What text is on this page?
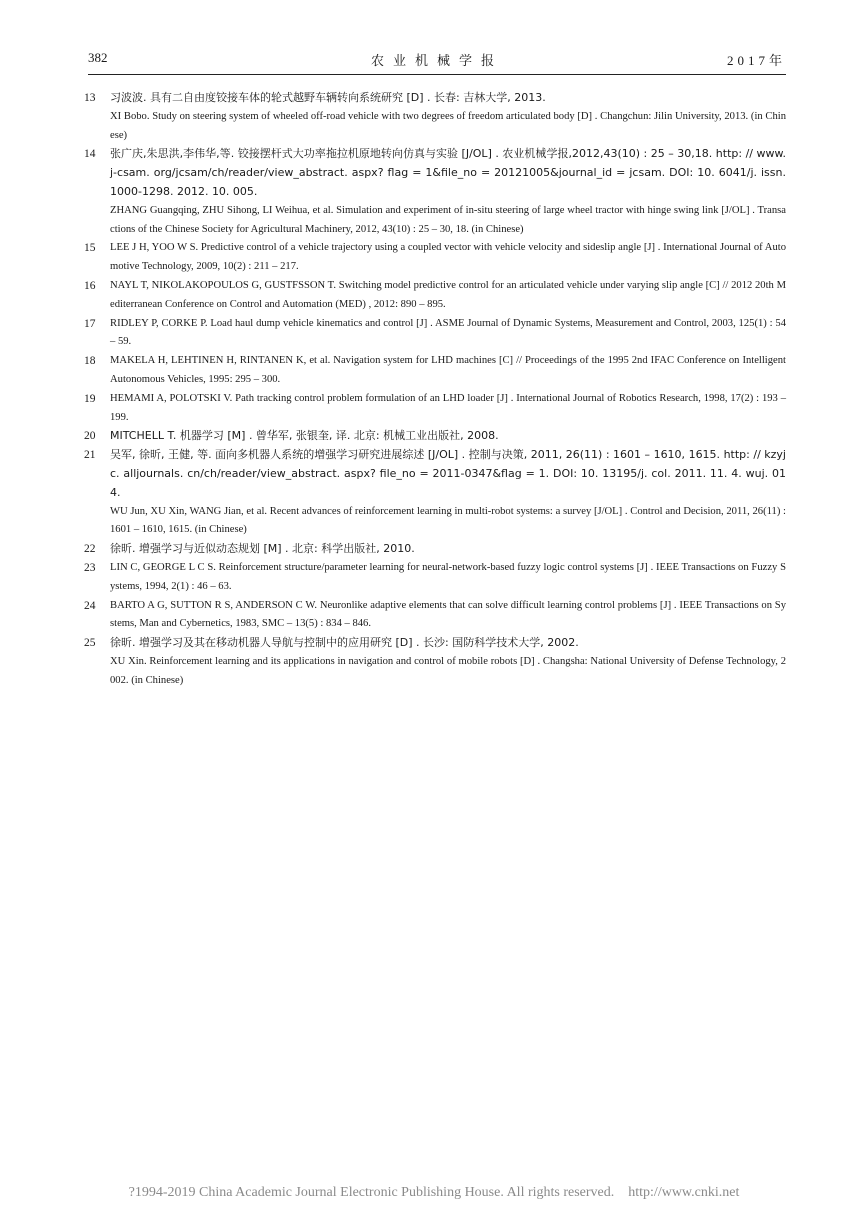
382	农业机械学报	2017年
13 习波波. 具有二自由度铰接车体的轮式越野车辆转向系统研究 [D] . 长春: 吉林大学, 2013.

XI Bobo. Study on steering system of wheeled off-road vehicle with two degrees of freedom articulated body [D] . Changchun: Jilin University, 2013. (in Chinese)

14 张广庆,朱思洪,李伟华,等. 铰接摆杆式大功率拖拉机原地转向仿真与实验 [J/OL] . 农业机械学报,2012,43(10) : 25 – 30,18. http: // www. j-csam. org/jcsam/ch/reader/view_abstract. aspx? flag = 1&file_no = 20121005&journal_id = jcsam. DOI: 10. 6041/j. issn. 1000-1298. 2012. 10. 005.

ZHANG Guangqing, ZHU Sihong, LI Weihua, et al. Simulation and experiment of in-situ steering of large wheel tractor with hinge swing link [J/OL] . Transactions of the Chinese Society for Agricultural Machinery, 2012, 43(10) : 25 – 30, 18. (in Chinese)

15 LEE J H, YOO W S. Predictive control of a vehicle trajectory using a coupled vector with vehicle velocity and sideslip angle [J] . International Journal of Automotive Technology, 2009, 10(2) : 211 – 217.

16 NAYL T, NIKOLAKOPOULOS G, GUSTFSSON T. Switching model predictive control for an articulated vehicle under varying slip angle [C] // 2012 20th Mediterranean Conference on Control and Automation (MED) , 2012: 890 – 895.

17 RIDLEY P, CORKE P. Load haul dump vehicle kinematics and control [J] . ASME Journal of Dynamic Systems, Measurement and Control, 2003, 125(1) : 54 – 59.

18 MAKELA H, LEHTINEN H, RINTANEN K, et al. Navigation system for LHD machines [C] // Proceedings of the 1995 2nd IFAC Conference on Intelligent Autonomous Vehicles, 1995: 295 – 300.

19 HEMAMI A, POLOTSKI V. Path tracking control problem formulation of an LHD loader [J] . International Journal of Robotics Research, 1998, 17(2) : 193 – 199.

20 MITCHELL T. 机器学习 [M] . 曾华军, 张银奎, 译. 北京: 机械工业出版社, 2008.

21 吴军, 徐昕, 王健, 等. 面向多机器人系统的增强学习研究进展综述 [J/OL] . 控制与决策, 2011, 26(11) : 1601 – 1610, 1615. http: // kzyjc. alljournals. cn/ch/reader/view_abstract. aspx? file_no = 2011-0347&flag = 1. DOI: 10. 13195/j. col. 2011. 11. 4. wuj. 014.

WU Jun, XU Xin, WANG Jian, et al. Recent advances of reinforcement learning in multi-robot systems: a survey [J/OL] . Control and Decision, 2011, 26(11) : 1601 – 1610, 1615. (in Chinese)

22 徐昕. 增强学习与近似动态规划 [M] . 北京: 科学出版社, 2010.

23 LIN C, GEORGE L C S. Reinforcement structure/parameter learning for neural-network-based fuzzy logic control systems [J] . IEEE Transactions on Fuzzy Systems, 1994, 2(1) : 46 – 63.

24 BARTO A G, SUTTON R S, ANDERSON C W. Neuronlike adaptive elements that can solve difficult learning control problems [J] . IEEE Transactions on Systems, Man and Cybernetics, 1983, SMC – 13(5) : 834 – 846.

25 徐昕. 增强学习及其在移动机器人导航与控制中的应用研究 [D] . 长沙: 国防科学技术大学, 2002.

XU Xin. Reinforcement learning and its applications in navigation and control of mobile robots [D] . Changsha: National University of Defense Technology, 2002. (in Chinese)

?1994-2019 China Academic Journal Electronic Publishing House. All rights reserved. http://www.cnki.net
